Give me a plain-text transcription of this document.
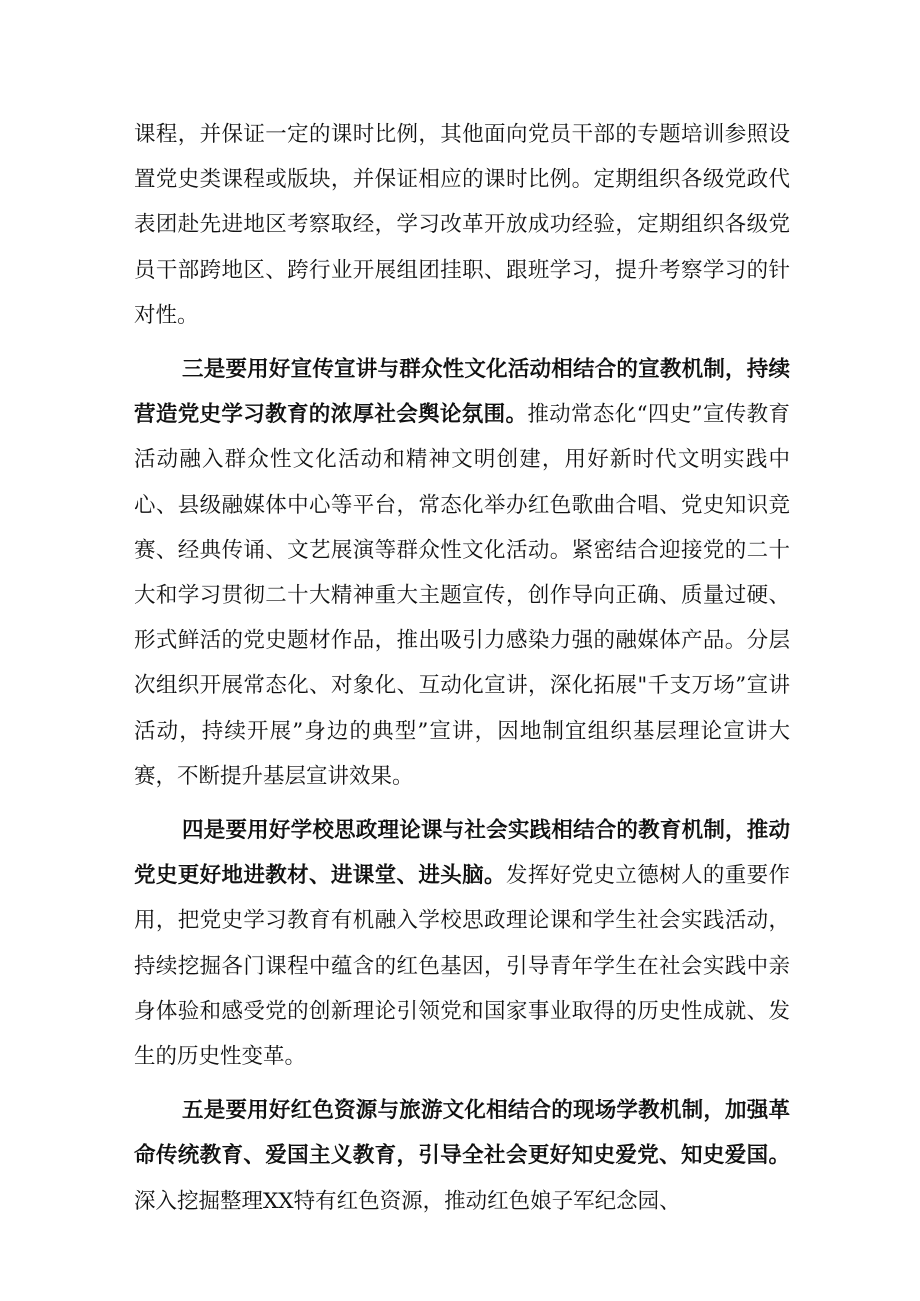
课程，并保证一定的课时比例，其他面向党员干部的专题培训参照设置党史类课程或版块，并保证相应的课时比例。定期组织各级党政代表团赴先进地区考察取经，学习改革开放成功经验，定期组织各级党员干部跨地区、跨行业开展组团挂职、跟班学习，提升考察学习的针对性。

三是要用好宣传宣讲与群众性文化活动相结合的宣教机制，持续营造党史学习教育的浓厚社会舆论氛围。推动常态化“四史”宣传教育活动融入群众性文化活动和精神文明创建，用好新时代文明实践中心、县级融媒体中心等平台，常态化举办红色歌曲合唱、党史知识竞赛、经典传诵、文艺展演等群众性文化活动。紧密结合迎接党的二十大和学习贯彻二十大精神重大主题宣传，创作导向正确、质量过硬、形式鲜活的党史题材作品，推出吸引力感染力强的融媒体产品。分层次组织开展常态化、对象化、互动化宣讲，深化拓展"千支万场”宣讲活动，持续开展”身边的典型”宣讲，因地制宜组织基层理论宣讲大赛，不断提升基层宣讲效果。

四是要用好学校思政理论课与社会实践相结合的教育机制，推动党史更好地进教材、进课堂、进头脑。发挥好党史立德树人的重要作用，把党史学习教育有机融入学校思政理论课和学生社会实践活动，持续挖掘各门课程中蕴含的红色基因，引导青年学生在社会实践中亲身体验和感受党的创新理论引领党和国家事业取得的历史性成就、发生的历史性变革。

五是要用好红色资源与旅游文化相结合的现场学教机制，加强革命传统教育、爱国主义教育，引导全社会更好知史爱党、知史爱国。深入挖掘整理XX特有红色资源，推动红色娘子军纪念园、
